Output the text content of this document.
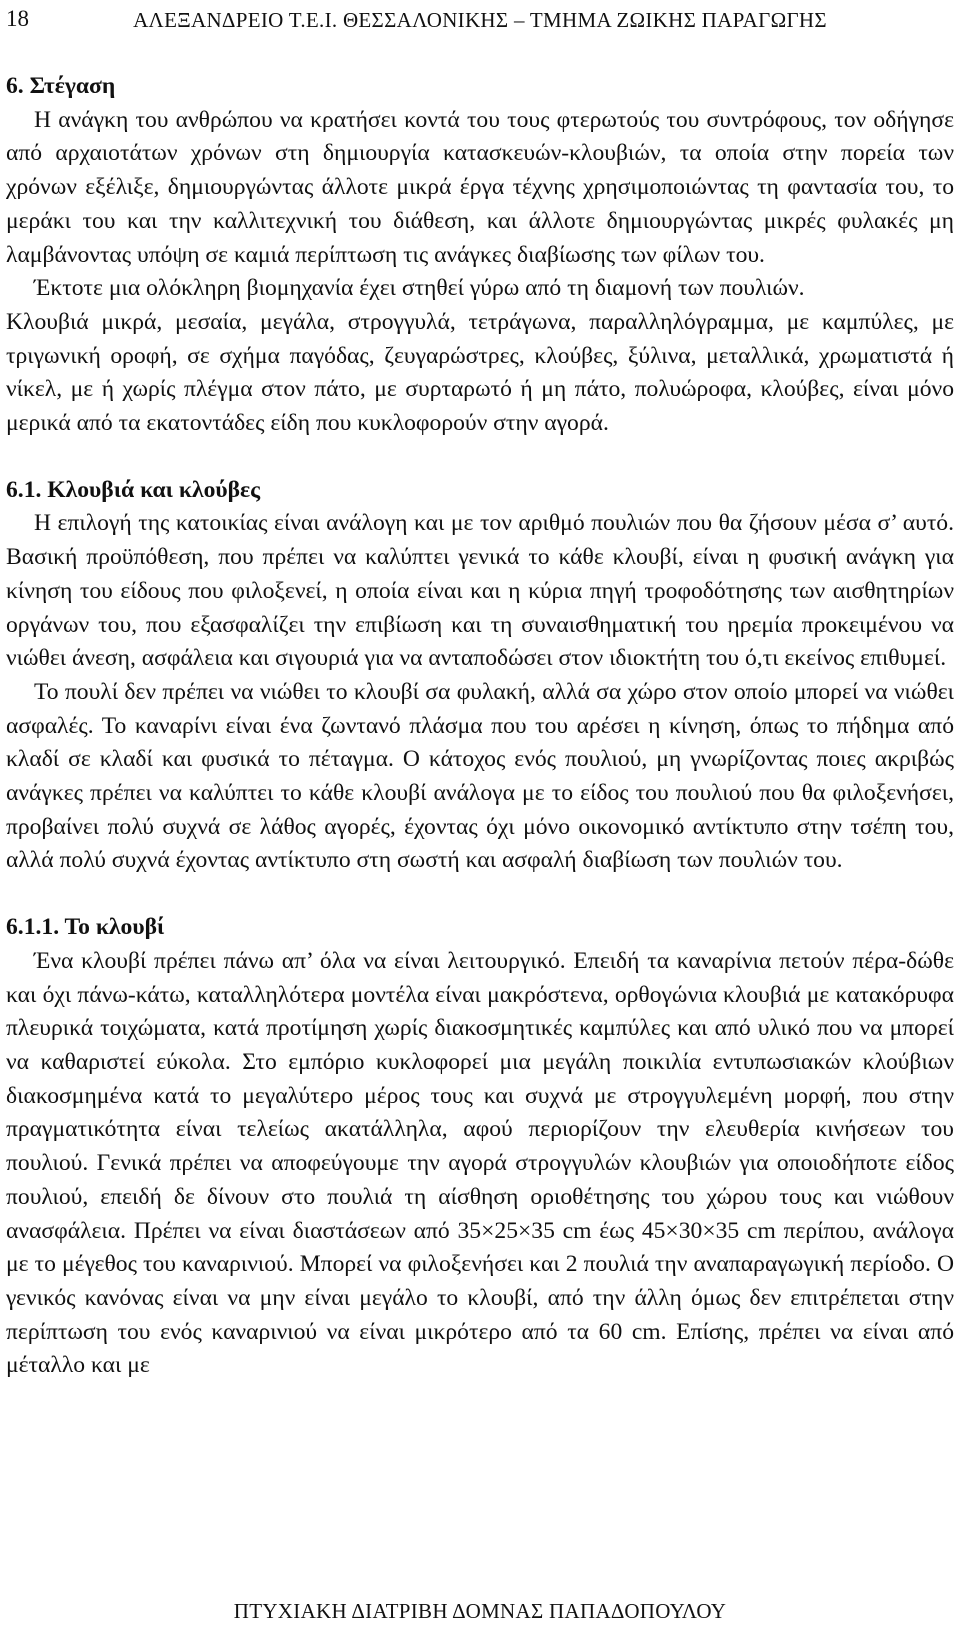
18	ΑΛΕΞΑΝΔΡΕΙΟ Τ.Ε.Ι. ΘΕΣΣΑΛΟΝΙΚΗΣ – ΤΜΗΜΑ ΖΩΙΚΗΣ ΠΑΡΑΓΩΓΗΣ
6. Στέγαση

Η ανάγκη του ανθρώπου να κρατήσει κοντά του τους φτερωτούς του συντρόφους, τον οδήγησε από αρχαιοτάτων χρόνων στη δημιουργία κατασκευών-κλουβιών, τα οποία στην πορεία των χρόνων εξέλιξε, δημιουργώντας άλλοτε μικρά έργα τέχνης χρησιμοποιώντας τη φαντασία του, το μεράκι του και την καλλιτεχνική του διάθεση, και άλλοτε δημιουργώντας μικρές φυλακές μη λαμβάνοντας υπόψη σε καμιά περίπτωση τις ανάγκες διαβίωσης των φίλων του.

Έκτοτε μια ολόκληρη βιομηχανία έχει στηθεί γύρω από τη διαμονή των πουλιών.

Κλουβιά μικρά, μεσαία, μεγάλα, στρογγυλά, τετράγωνα, παραλληλόγραμμα, με καμπύλες, με τριγωνική οροφή, σε σχήμα παγόδας, ζευγαρώστρες, κλούβες, ξύλινα, μεταλλικά, χρωματιστά ή νίκελ, με ή χωρίς πλέγμα στον πάτο, με συρταρωτό ή μη πάτο, πολυώροφα, κλούβες, είναι μόνο μερικά από τα εκατοντάδες είδη που κυκλοφορούν στην αγορά.

6.1. Κλουβιά και κλούβες

Η επιλογή της κατοικίας είναι ανάλογη και με τον αριθμό πουλιών που θα ζήσουν μέσα σ’ αυτό. Βασική προϋπόθεση, που πρέπει να καλύπτει γενικά το κάθε κλουβί, είναι η φυσική ανάγκη για κίνηση του είδους που φιλοξενεί, η οποία είναι και η κύρια πηγή τροφοδότησης των αισθητηρίων οργάνων του, που εξασφαλίζει την επιβίωση και τη συναισθηματική του ηρεμία προκειμένου να νιώθει άνεση, ασφάλεια και σιγουριά για να ανταποδώσει στον ιδιοκτήτη του ό,τι εκείνος επιθυμεί.

Το πουλί δεν πρέπει να νιώθει το κλουβί σα φυλακή, αλλά σα χώρο στον οποίο μπορεί να νιώθει ασφαλές. Το καναρίνι είναι ένα ζωντανό πλάσμα που του αρέσει η κίνηση, όπως το πήδημα από κλαδί σε κλαδί και φυσικά το πέταγμα. Ο κάτοχος ενός πουλιού, μη γνωρίζοντας ποιες ακριβώς ανάγκες πρέπει να καλύπτει το κάθε κλουβί ανάλογα με το είδος του πουλιού που θα φιλοξενήσει, προβαίνει πολύ συχνά σε λάθος αγορές, έχοντας όχι μόνο οικονομικό αντίκτυπο στην τσέπη του, αλλά πολύ συχνά έχοντας αντίκτυπο στη σωστή και ασφαλή διαβίωση των πουλιών του.

6.1.1. Το κλουβί

Ένα κλουβί πρέπει πάνω απ’ όλα να είναι λειτουργικό. Επειδή τα καναρίνια πετούν πέρα-δώθε και όχι πάνω-κάτω, καταλληλότερα μοντέλα είναι μακρόστενα, ορθογώνια κλουβιά με κατακόρυφα πλευρικά τοιχώματα, κατά προτίμηση χωρίς διακοσμητικές καμπύλες και από υλικό που να μπορεί να καθαριστεί εύκολα. Στο εμπόριο κυκλοφορεί μια μεγάλη ποικιλία εντυπωσιακών κλούβιων διακοσμημένα κατά το μεγαλύτερο μέρος τους και συχνά με στρογγυλεμένη μορφή, που στην πραγματικότητα είναι τελείως ακατάλληλα, αφού περιορίζουν την ελευθερία κινήσεων του πουλιού. Γενικά πρέπει να αποφεύγουμε την αγορά στρογγυλών κλουβιών για οποιοδήποτε είδος πουλιού, επειδή δε δίνουν στο πουλιά τη αίσθηση οριοθέτησης του χώρου τους και νιώθουν ανασφάλεια. Πρέπει να είναι διαστάσεων από 35×25×35 cm έως 45×30×35 cm περίπου, ανάλογα με το μέγεθος του καναρινιού. Μπορεί να φιλοξενήσει και 2 πουλιά την αναπαραγωγική περίοδο. Ο γενικός κανόνας είναι να μην είναι μεγάλο το κλουβί, από την άλλη όμως δεν επιτρέπεται στην περίπτωση του ενός καναρινιού να είναι μικρότερο από τα 60 cm. Επίσης, πρέπει να είναι από μέταλλο και με

ΠΤΥΧΙΑΚΗ ΔΙΑΤΡΙΒΗ ΔΟΜΝΑΣ ΠΑΠΑΔΟΠΟΥΛΟΥ
